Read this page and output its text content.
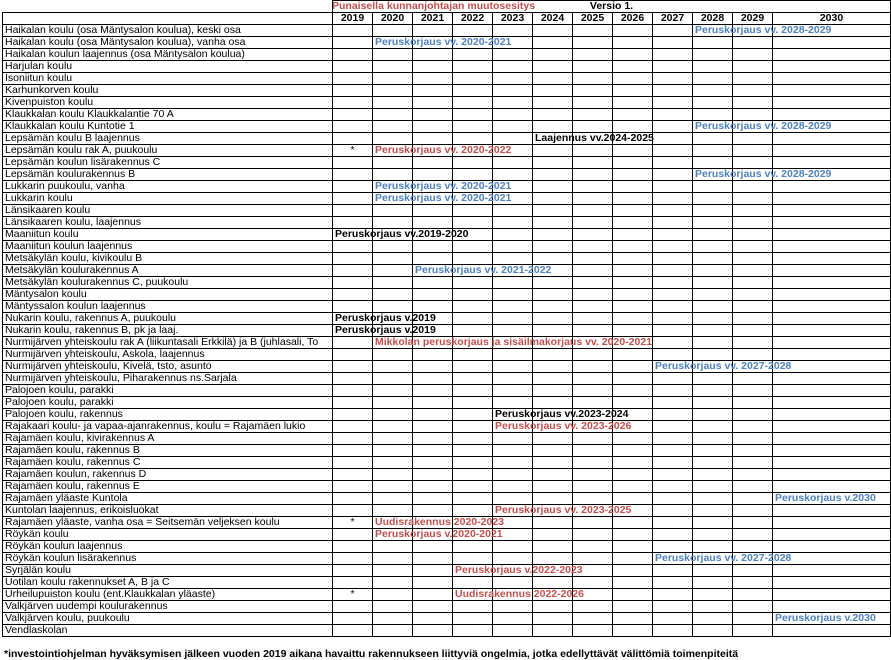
Punaisella kunnanjohtajan muutosesitys
		Versio 1.											
	2019	2020	2021	2022	2023	2024	2025	2026	2027	2028	2029	2030
Haikalan koulu (osa Mäntysalon koulua), keski osa										Peruskorjaus vv. 2028-2029		
Haikalan koulu (osa Mäntysalon koulua), vanha osa		Peruskorjaus vv. 2020-2021										
Haikalan koulun laajennus (osa Mäntysalon koulua)												
Harjulan koulu												
Isoniitun koulu												
Karhunkorven koulu												
Kivenpuiston koulu												
Klaukkalan koulu Klaukkalantie 70 A												
Klaukkalan koulu Kuntotie 1										Peruskorjaus vv. 2028-2029		
Lepsämän koulu B laajennus						Laajennus vv.2024-2025						
Lepsämän koulu rak A, puukoulu	*	Peruskorjaus vv. 2020-2022										
Lepsämän koulun lisärakennus C												
Lepsämän koulurakennus B										Peruskorjaus vv. 2028-2029		
Lukkarin puukoulu, vanha		Peruskorjaus vv. 2020-2021										
Lukkarin koulu		Peruskorjaus vv. 2020-2021										
Länsikaaren koulu												
Länsikaaren koulu, laajennus												
Maaniitun koulu	Peruskorjaus vv.2019-2020											
Maaniitun koulun laajennus												
Metsäkylän koulu, kivikoulu B												
Metsäkylän koulurakennus A			Peruskorjaus vv. 2021-2022									
Metsäkylän koulurakennus C, puukoulu												
Mäntysalon koulu												
Mäntyssalon koulun laajennus												
Nukarin koulu, rakennus A, puukoulu	Peruskorjaus v.2019											
Nukarin koulu, rakennus B, pk ja laaj.	Peruskorjaus v.2019											
Nurmijärven yhteiskoulu rak A (liikuntasali Erkkilä) ja B (juhlasali, To		Mikkolan peruskorjaus ja sisäilmakorjaus vv. 2020-2021										
Nurmijärven yhteiskoulu, Askola, laajennus												
Nurmijärven yhteiskoulu, Kivelä, tsto, asunto									Peruskorjaus vv. 2027-2028			
Nurmijärven yhteiskoulu, Piharakennus ns.Sarjala												
Palojoen koulu, parakki												
Palojoen koulu, parakki												
Palojoen koulu, rakennus					Peruskorjaus vv.2023-2024							
Rajakaari koulu- ja vapaa-ajanrakennus, koulu = Rajamäen lukio					Peruskorjaus vv. 2023-2026							
Rajamäen koulu, kivirakennus A												
Rajamäen koulu, rakennus B												
Rajamäen koulu, rakennus C												
Rajamäen koulun, rakennus D												
Rajamäen koulu, rakennus E												
Rajamäen yläaste Kuntola												Peruskorjaus v.2030
Kuntolan laajennus, erikoisluokat					Peruskorjaus vv. 2023-2025							
Rajamäen yläaste, vanha osa = Seitsemän veljeksen koulu	*	Uudisrakennus 2020-2023										
Röykän koulu		Peruskorjaus v.2020-2021										
Röykän koulun laajennus												
Röykän koulun lisärakennus									Peruskorjaus vv. 2027-2028			
Syrjälän koulu				Peruskorjaus v.2022-2023								
Uotilan koulu rakennukset A, B ja C												
Urheilupuiston koulu (ent.Klaukkalan yläaste)	*			Uudisrakennus 2022-2026								
Valkjärven uudempi koulurakennus												
Valkjärven koulu, puukoulu												Peruskorjaus v.2030
Vendlaskolan												
*investointiohjelman hyväksymisen jälkeen vuoden 2019 aikana havaittu rakennukseen liittyviä ongelmia, jotka edellyttävät välittömiä toimenpiteitä
